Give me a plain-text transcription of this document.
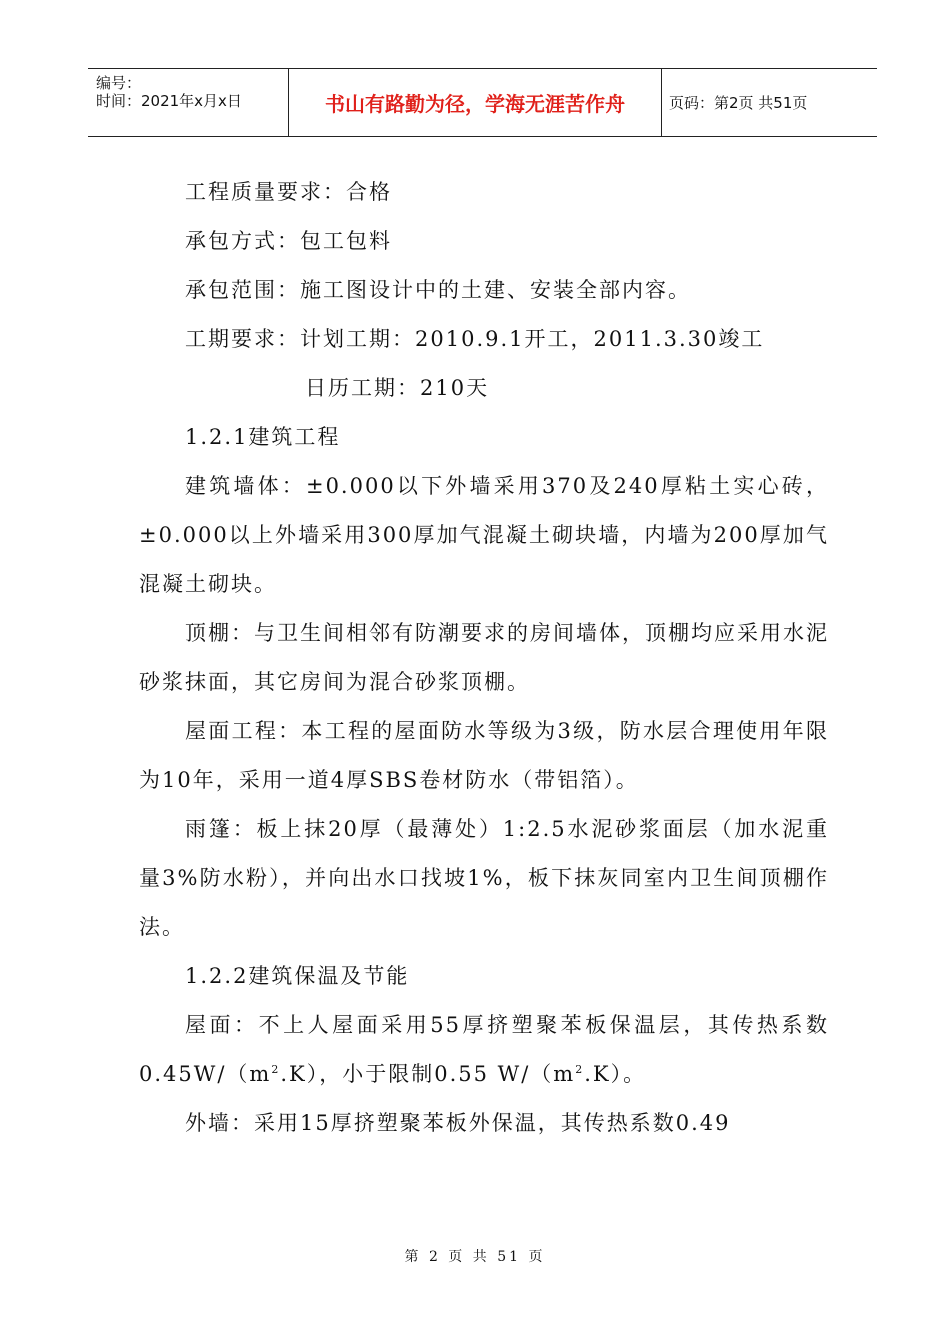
编号：
时间：2021年x月x日	书山有路勤为径，学海无涯苦作舟	页码：第2页 共51页

工程质量要求：合格

承包方式：包工包料

承包范围：施工图设计中的土建、安装全部内容。

工期要求：计划工期：2010.9.1开工，2011.3.30竣工

日历工期：210天

1.2.1建筑工程

建筑墙体：±0.000以下外墙采用370及240厚粘土实心砖，±0.000以上外墙采用300厚加气混凝土砌块墙，内墙为200厚加气混凝土砌块。

顶棚：与卫生间相邻有防潮要求的房间墙体，顶棚均应采用水泥砂浆抹面，其它房间为混合砂浆顶棚。

屋面工程：本工程的屋面防水等级为3级，防水层合理使用年限为10年，采用一道4厚SBS卷材防水（带铝箔）。

雨篷：板上抹20厚（最薄处）1:2.5水泥砂浆面层（加水泥重量3%防水粉），并向出水口找坡1%，板下抹灰同室内卫生间顶棚作法。

1.2.2建筑保温及节能

屋面：不上人屋面采用55厚挤塑聚苯板保温层，其传热系数$0.45W/(m^2.K)$，小于限制0.55 $W/(m^2.K)$。

外墙：采用15厚挤塑聚苯板外保温，其传热系数0.49

第 2 页 共 51 页
